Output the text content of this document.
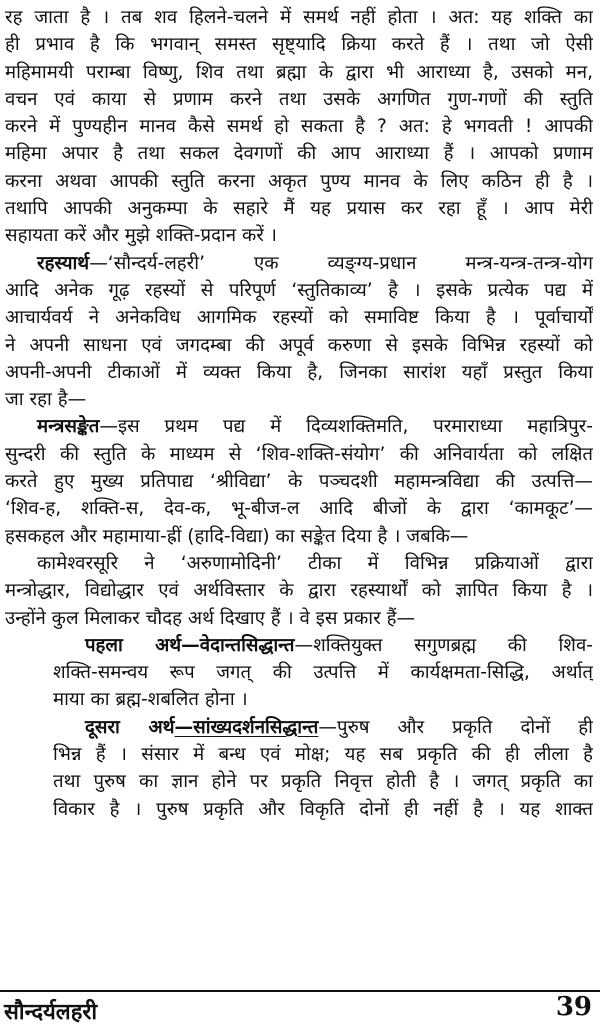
रह जाता है । तब शव हिलने-चलने में समर्थ नहीं होता । अत: यह शक्ति का
ही प्रभाव है कि भगवान् समस्त सृष्ट्यादि क्रिया करते हैं । तथा जो ऐसी
महिमामयी पराम्बा विष्णु, शिव तथा ब्रह्मा के द्वारा भी आराध्या है, उसको मन,
वचन एवं काया से प्रणाम करने तथा उसके अगणित गुण-गणों की स्तुति
करने में पुण्यहीन मानव कैसे समर्थ हो सकता है ? अत: हे भगवती ! आपकी
महिमा अपार है तथा सकल देवगणों की आप आराध्या हैं । आपको प्रणाम
करना अथवा आपकी स्तुति करना अकृत पुण्य मानव के लिए कठिन ही है ।
तथापि आपकी अनुकम्पा के सहारे मैं यह प्रयास कर रहा हूँ । आप मेरी
सहायता करें और मुझे शक्ति-प्रदान करें ।
रहस्यार्थ—‘सौन्दर्य-लहरी’ एक व्यङ्ग्य-प्रधान मन्त्र-यन्त्र-तन्त्र-योग
आदि अनेक गूढ़ रहस्यों से परिपूर्ण ‘स्तुतिकाव्य’ है । इसके प्रत्येक पद्य में
आचार्यवर्य ने अनेकविध आगमिक रहस्यों को समाविष्ट किया है । पूर्वाचार्यों
ने अपनी साधना एवं जगदम्बा की अपूर्व करुणा से इसके विभिन्न रहस्यों को
अपनी-अपनी टीकाओं में व्यक्त किया है, जिनका सारांश यहाँ प्रस्तुत किया
जा रहा है—
मन्त्रसङ्केत—इस प्रथम पद्य में दिव्यशक्तिमति, परमाराध्या महात्रिपुर-
सुन्दरी की स्तुति के माध्यम से ‘शिव-शक्ति-संयोग’ की अनिवार्यता को लक्षित
करते हुए मुख्य प्रतिपाद्य ‘श्रीविद्या’ के पञ्चदशी महामन्त्रविद्या की उत्पत्ति—
‘शिव-ह, शक्ति-स, देव-क, भू-बीज-ल आदि बीजों के द्वारा ‘कामकूट’—
हसकहल और महामाया-ह्रीं (हादि-विद्या) का सङ्केत दिया है । जबकि—
कामेश्वरसूरि ने ‘अरुणामोदिनी’ टीका में विभिन्न प्रक्रियाओं द्वारा
मन्त्रोद्धार, विद्योद्धार एवं अर्थविस्तार के द्वारा रहस्यार्थों को ज्ञापित किया है ।
उन्होंने कुल मिलाकर चौदह अर्थ दिखाए हैं । वे इस प्रकार हैं—
पहला अर्थ—वेदान्तसिद्धान्त—शक्तियुक्त सगुणब्रह्म की शिव-
शक्ति-समन्वय रूप जगत् की उत्पत्ति में कार्यक्षमता-सिद्धि, अर्थात्
माया का ब्रह्म-शबलित होना ।
दूसरा अर्थ—सांख्यदर्शनसिद्धान्त—पुरुष और प्रकृति दोनों ही
भिन्न हैं । संसार में बन्ध एवं मोक्ष; यह सब प्रकृति की ही लीला है
तथा पुरुष का ज्ञान होने पर प्रकृति निवृत्त होती है । जगत् प्रकृति का
विकार है । पुरुष प्रकृति और विकृति दोनों ही नहीं है । यह शाक्त
सौन्दर्यलहरी	39
